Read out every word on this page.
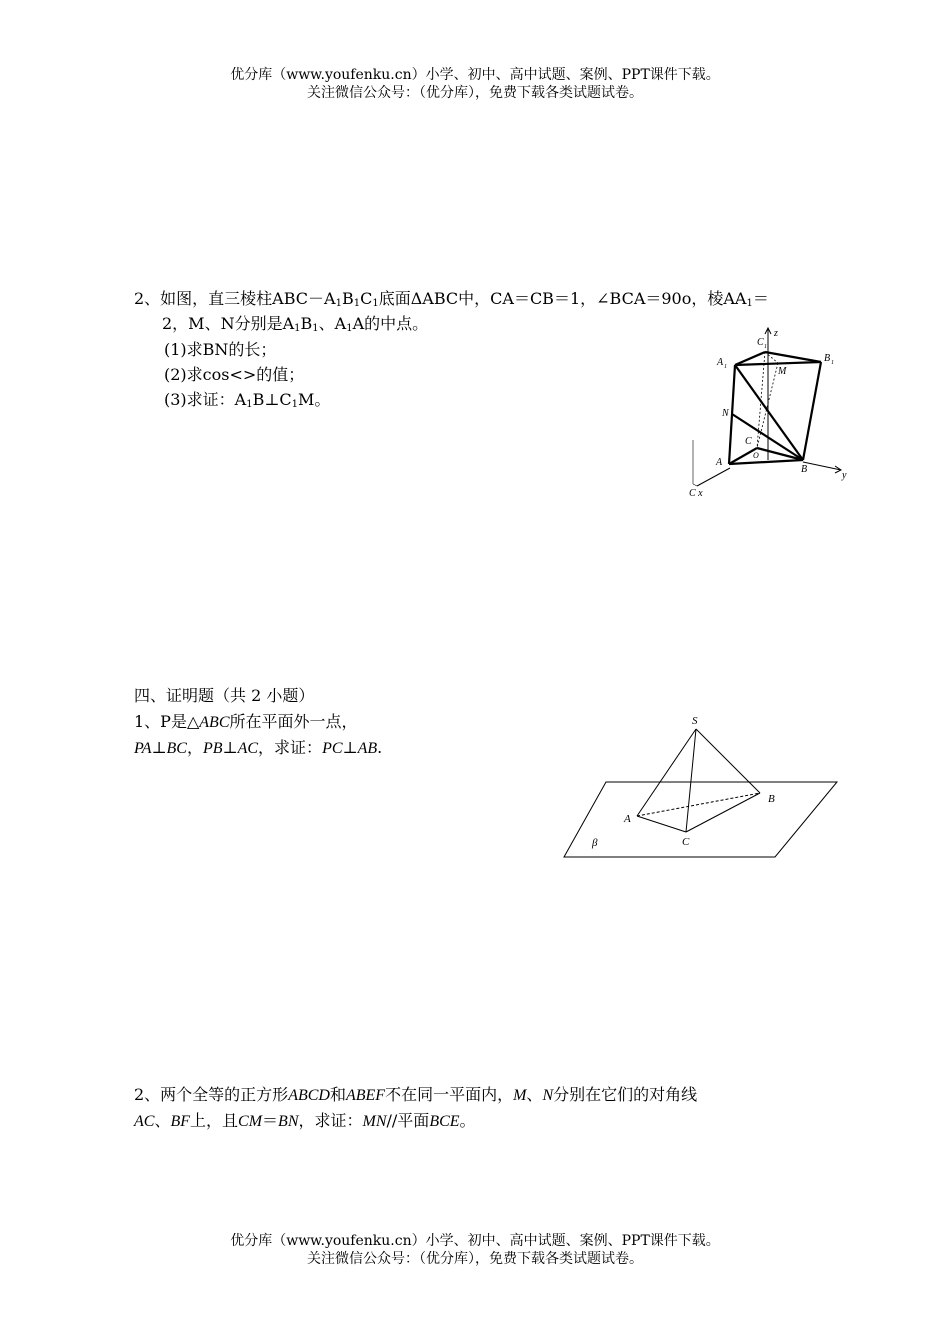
优分库（www.youfenku.cn）小学、初中、高中试题、案例、PPT课件下载。
关注微信公众号：（优分库），免费下载各类试题试卷。
2、如图，直三棱柱$ABC-A_1B_1C_1$底面ΔABC中，CA＝CB＝1，∠BCA＝90o，棱$AA_1=$
2，M、N分别是$A_1B_1$、$A_1A$的中点。
(1)求BN的长；
(2)求cos<>的值；
(3)求证：$A_1B\perp C_1M$。
A 1
C 1
B 1
M
N
C
O
A
B
z
y
C x
四、证明题（共 2 小题）
1、P是△ABC所在平面外一点，
PA⊥BC，PB⊥AC，求证：PC⊥AB.
S
A
B
C
β
2、两个全等的正方形ABCD和ABEF不在同一平面内，M、N分别在它们的对角线
AC、BF上，且CM＝BN，求证：MN//平面BCE。
优分库（www.youfenku.cn）小学、初中、高中试题、案例、PPT课件下载。
关注微信公众号：（优分库），免费下载各类试题试卷。
